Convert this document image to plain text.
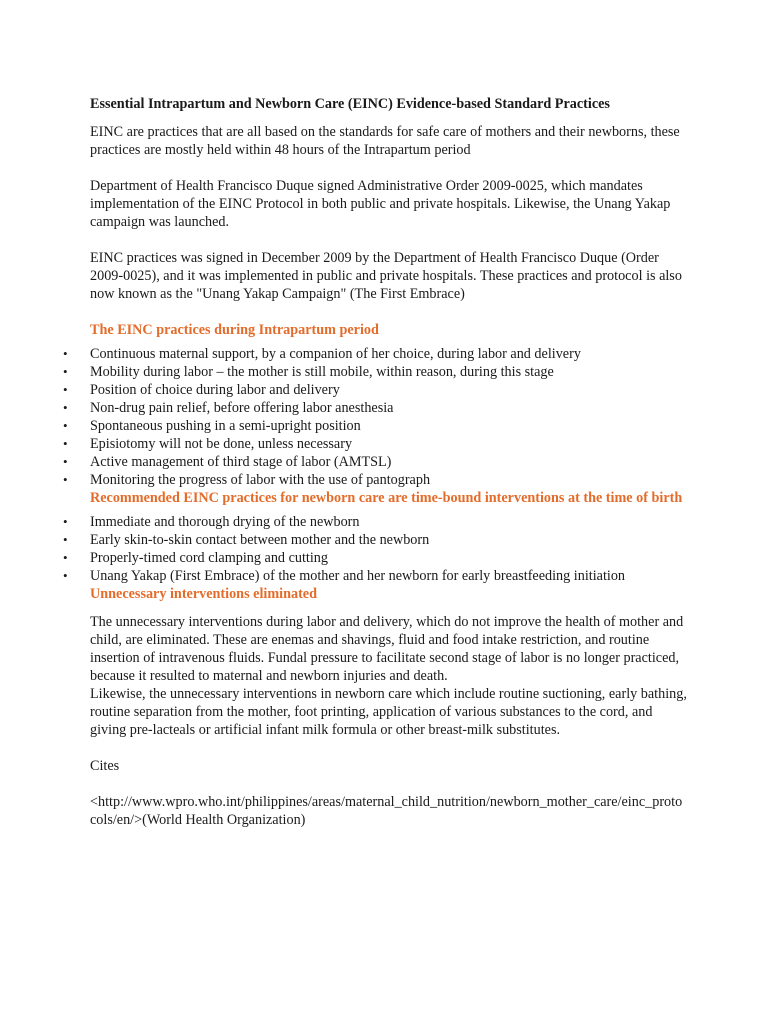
Essential Intrapartum and Newborn Care (EINC) Evidence-based Standard Practices

EINC are practices that are all based on the standards for safe care of mothers and their newborns, these practices are mostly held within 48 hours of the Intrapartum period

Department of Health Francisco Duque signed Administrative Order 2009-0025, which mandates implementation of the EINC Protocol in both public and private hospitals. Likewise, the Unang Yakap campaign was launched.

EINC practices was signed in December 2009 by the Department of Health Francisco Duque (Order 2009-0025), and it was implemented in public and private hospitals. These practices and protocol is also now known as the "Unang Yakap Campaign" (The First Embrace)

The EINC practices during Intrapartum period

• Continuous maternal support, by a companion of her choice, during labor and delivery
• Mobility during labor – the mother is still mobile, within reason, during this stage
• Position of choice during labor and delivery
• Non-drug pain relief, before offering labor anesthesia
• Spontaneous pushing in a semi-upright position
• Episiotomy will not be done, unless necessary
• Active management of third stage of labor (AMTSL)
• Monitoring the progress of labor with the use of pantograph

Recommended EINC practices for newborn care are time-bound interventions at the time of birth

• Immediate and thorough drying of the newborn
• Early skin-to-skin contact between mother and the newborn
• Properly-timed cord clamping and cutting
• Unang Yakap (First Embrace) of the mother and her newborn for early breastfeeding initiation

Unnecessary interventions eliminated

The unnecessary interventions during labor and delivery, which do not improve the health of mother and child, are eliminated. These are enemas and shavings, fluid and food intake restriction, and routine insertion of intravenous fluids. Fundal pressure to facilitate second stage of labor is no longer practiced, because it resulted to maternal and newborn injuries and death.

Likewise, the unnecessary interventions in newborn care which include routine suctioning, early bathing, routine separation from the mother, foot printing, application of various substances to the cord, and giving pre-lacteals or artificial infant milk formula or other breast-milk substitutes.

Cites

<http://www.wpro.who.int/philippines/areas/maternal_child_nutrition/newborn_mother_care/einc_protocols/en/>(World Health Organization)
